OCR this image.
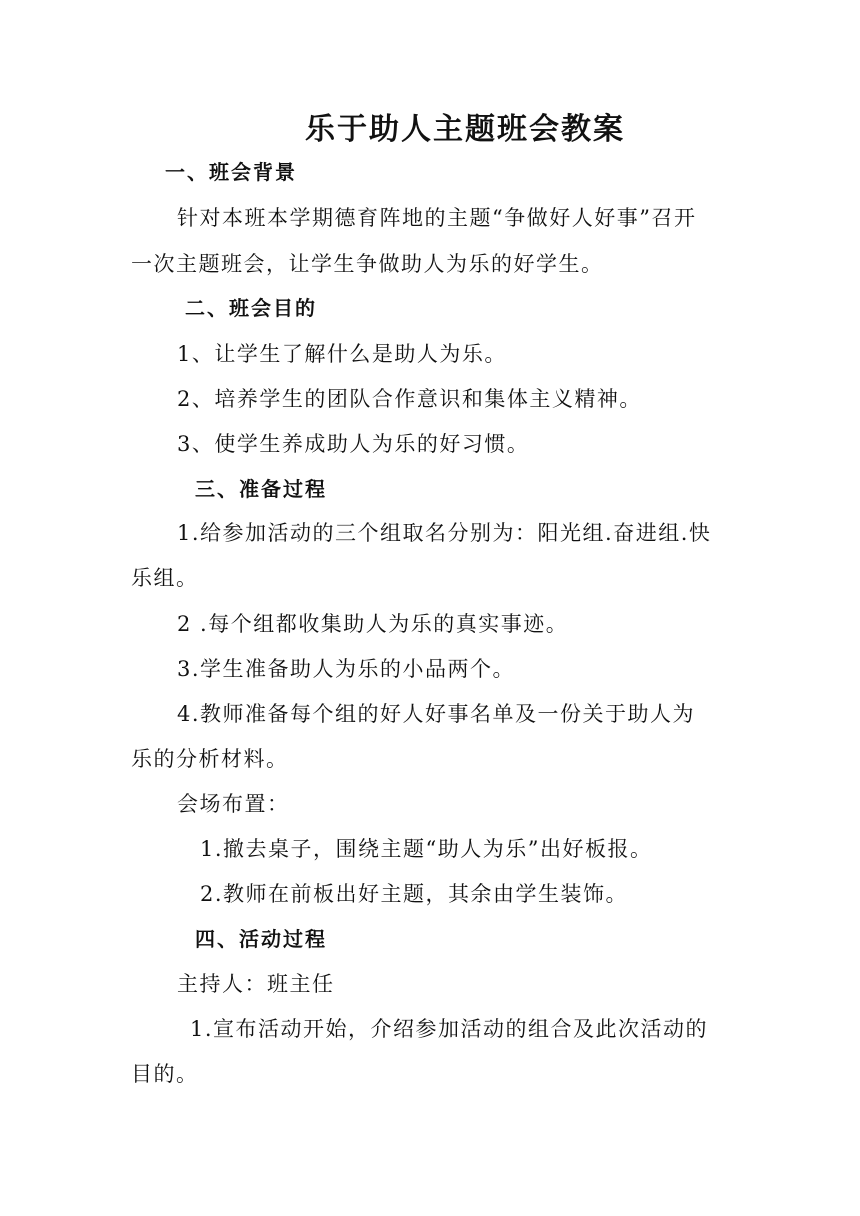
乐于助人主题班会教案
一、班会背景
针对本班本学期德育阵地的主题“争做好人好事”召开
一次主题班会，让学生争做助人为乐的好学生。
二、班会目的
1、让学生了解什么是助人为乐。
2、培养学生的团队合作意识和集体主义精神。
3、使学生养成助人为乐的好习惯。
三、准备过程
1.给参加活动的三个组取名分别为：阳光组.奋进组.快
乐组。
2 .每个组都收集助人为乐的真实事迹。
3.学生准备助人为乐的小品两个。
4.教师准备每个组的好人好事名单及一份关于助人为
乐的分析材料。
会场布置：
1.撤去桌子，围绕主题“助人为乐”出好板报。
2.教师在前板出好主题，其余由学生装饰。
四、活动过程
主持人：班主任
1.宣布活动开始，介绍参加活动的组合及此次活动的
目的。
